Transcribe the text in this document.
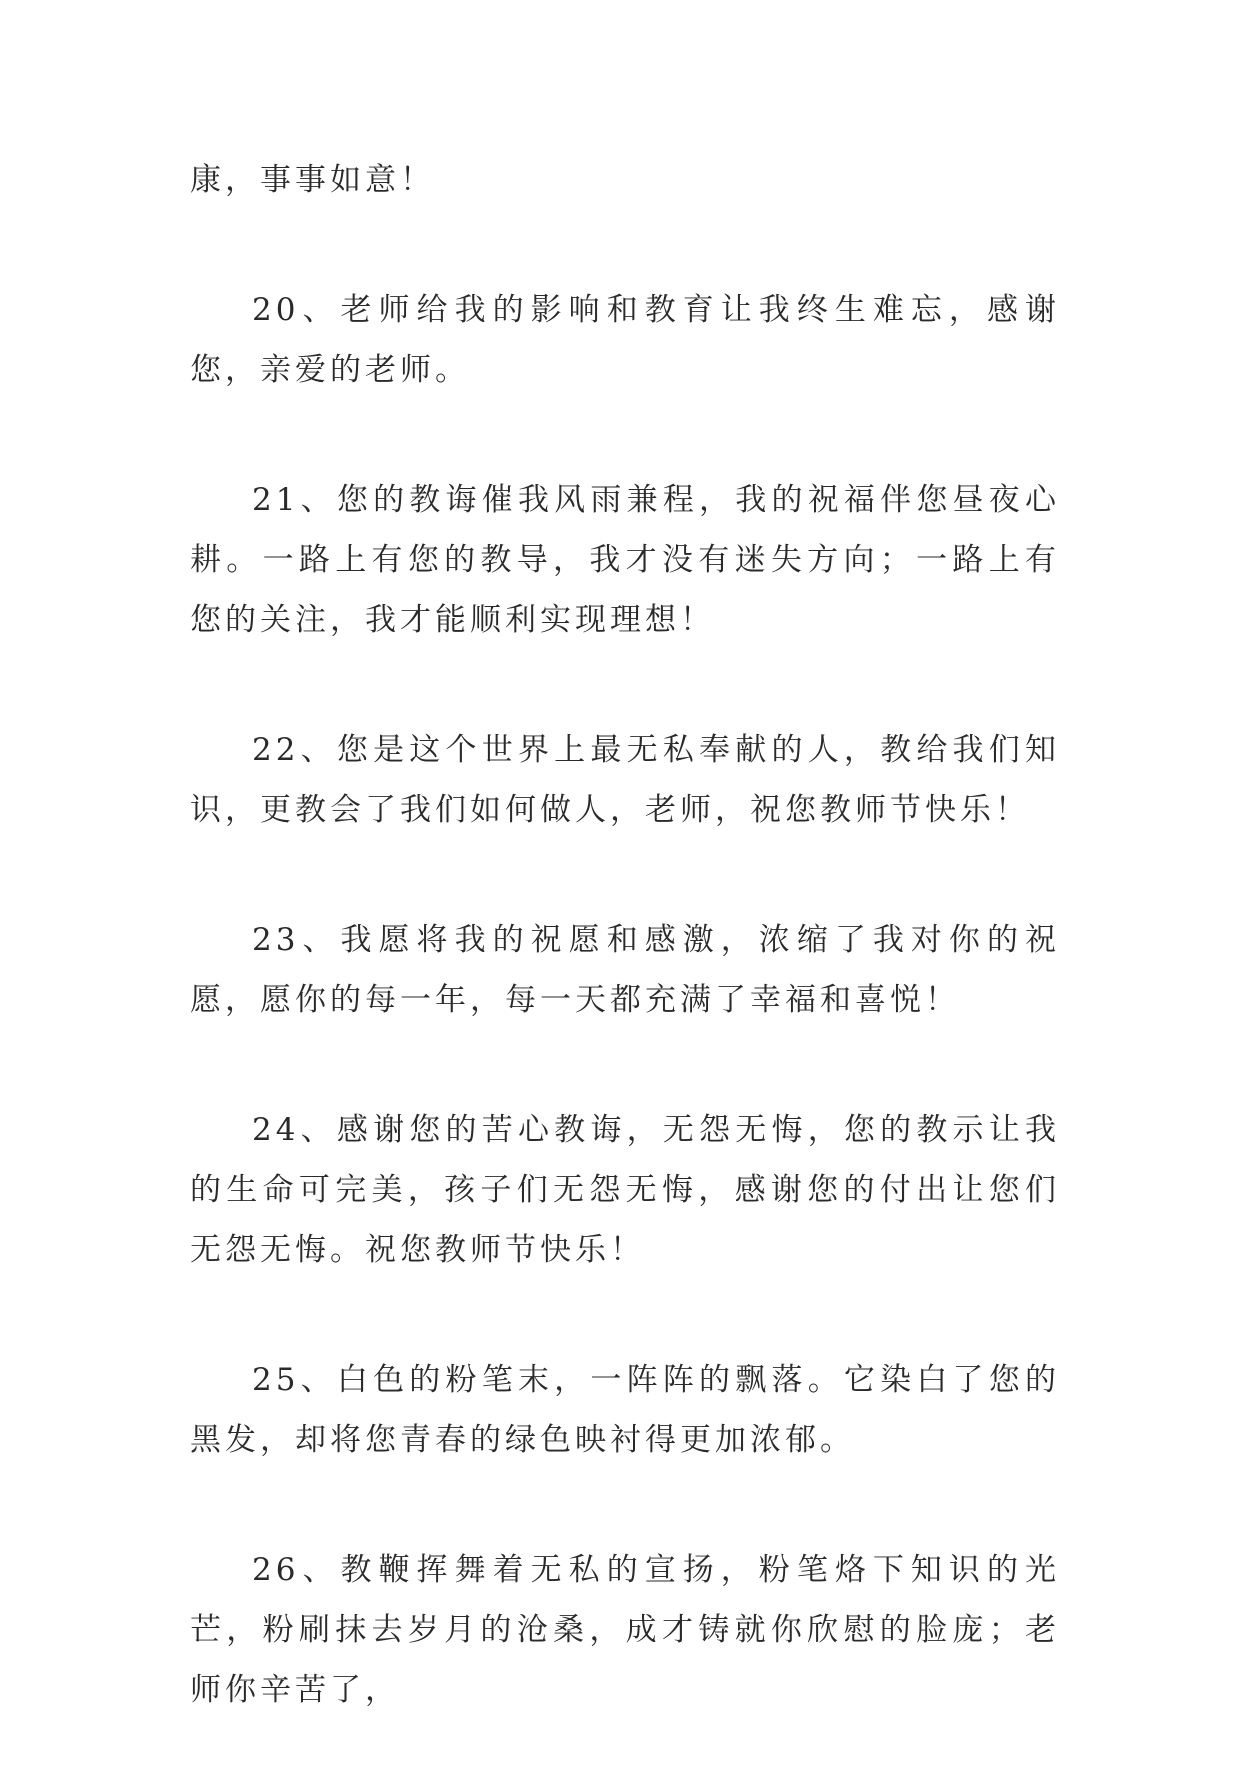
康，事事如意！

20、老师给我的影响和教育让我终生难忘，感谢您，亲爱的老师。

21、您的教诲催我风雨兼程，我的祝福伴您昼夜心耕。一路上有您的教导，我才没有迷失方向；一路上有您的关注，我才能顺利实现理想！

22、您是这个世界上最无私奉献的人，教给我们知识，更教会了我们如何做人，老师，祝您教师节快乐！

23、我愿将我的祝愿和感激，浓缩了我对你的祝愿，愿你的每一年，每一天都充满了幸福和喜悦！

24、感谢您的苦心教诲，无怨无悔，您的教示让我的生命可完美，孩子们无怨无悔，感谢您的付出让您们无怨无悔。祝您教师节快乐！

25、白色的粉笔末，一阵阵的飘落。它染白了您的黑发，却将您青春的绿色映衬得更加浓郁。

26、教鞭挥舞着无私的宣扬，粉笔烙下知识的光芒，粉刷抹去岁月的沧桑，成才铸就你欣慰的脸庞；老师你辛苦了，
